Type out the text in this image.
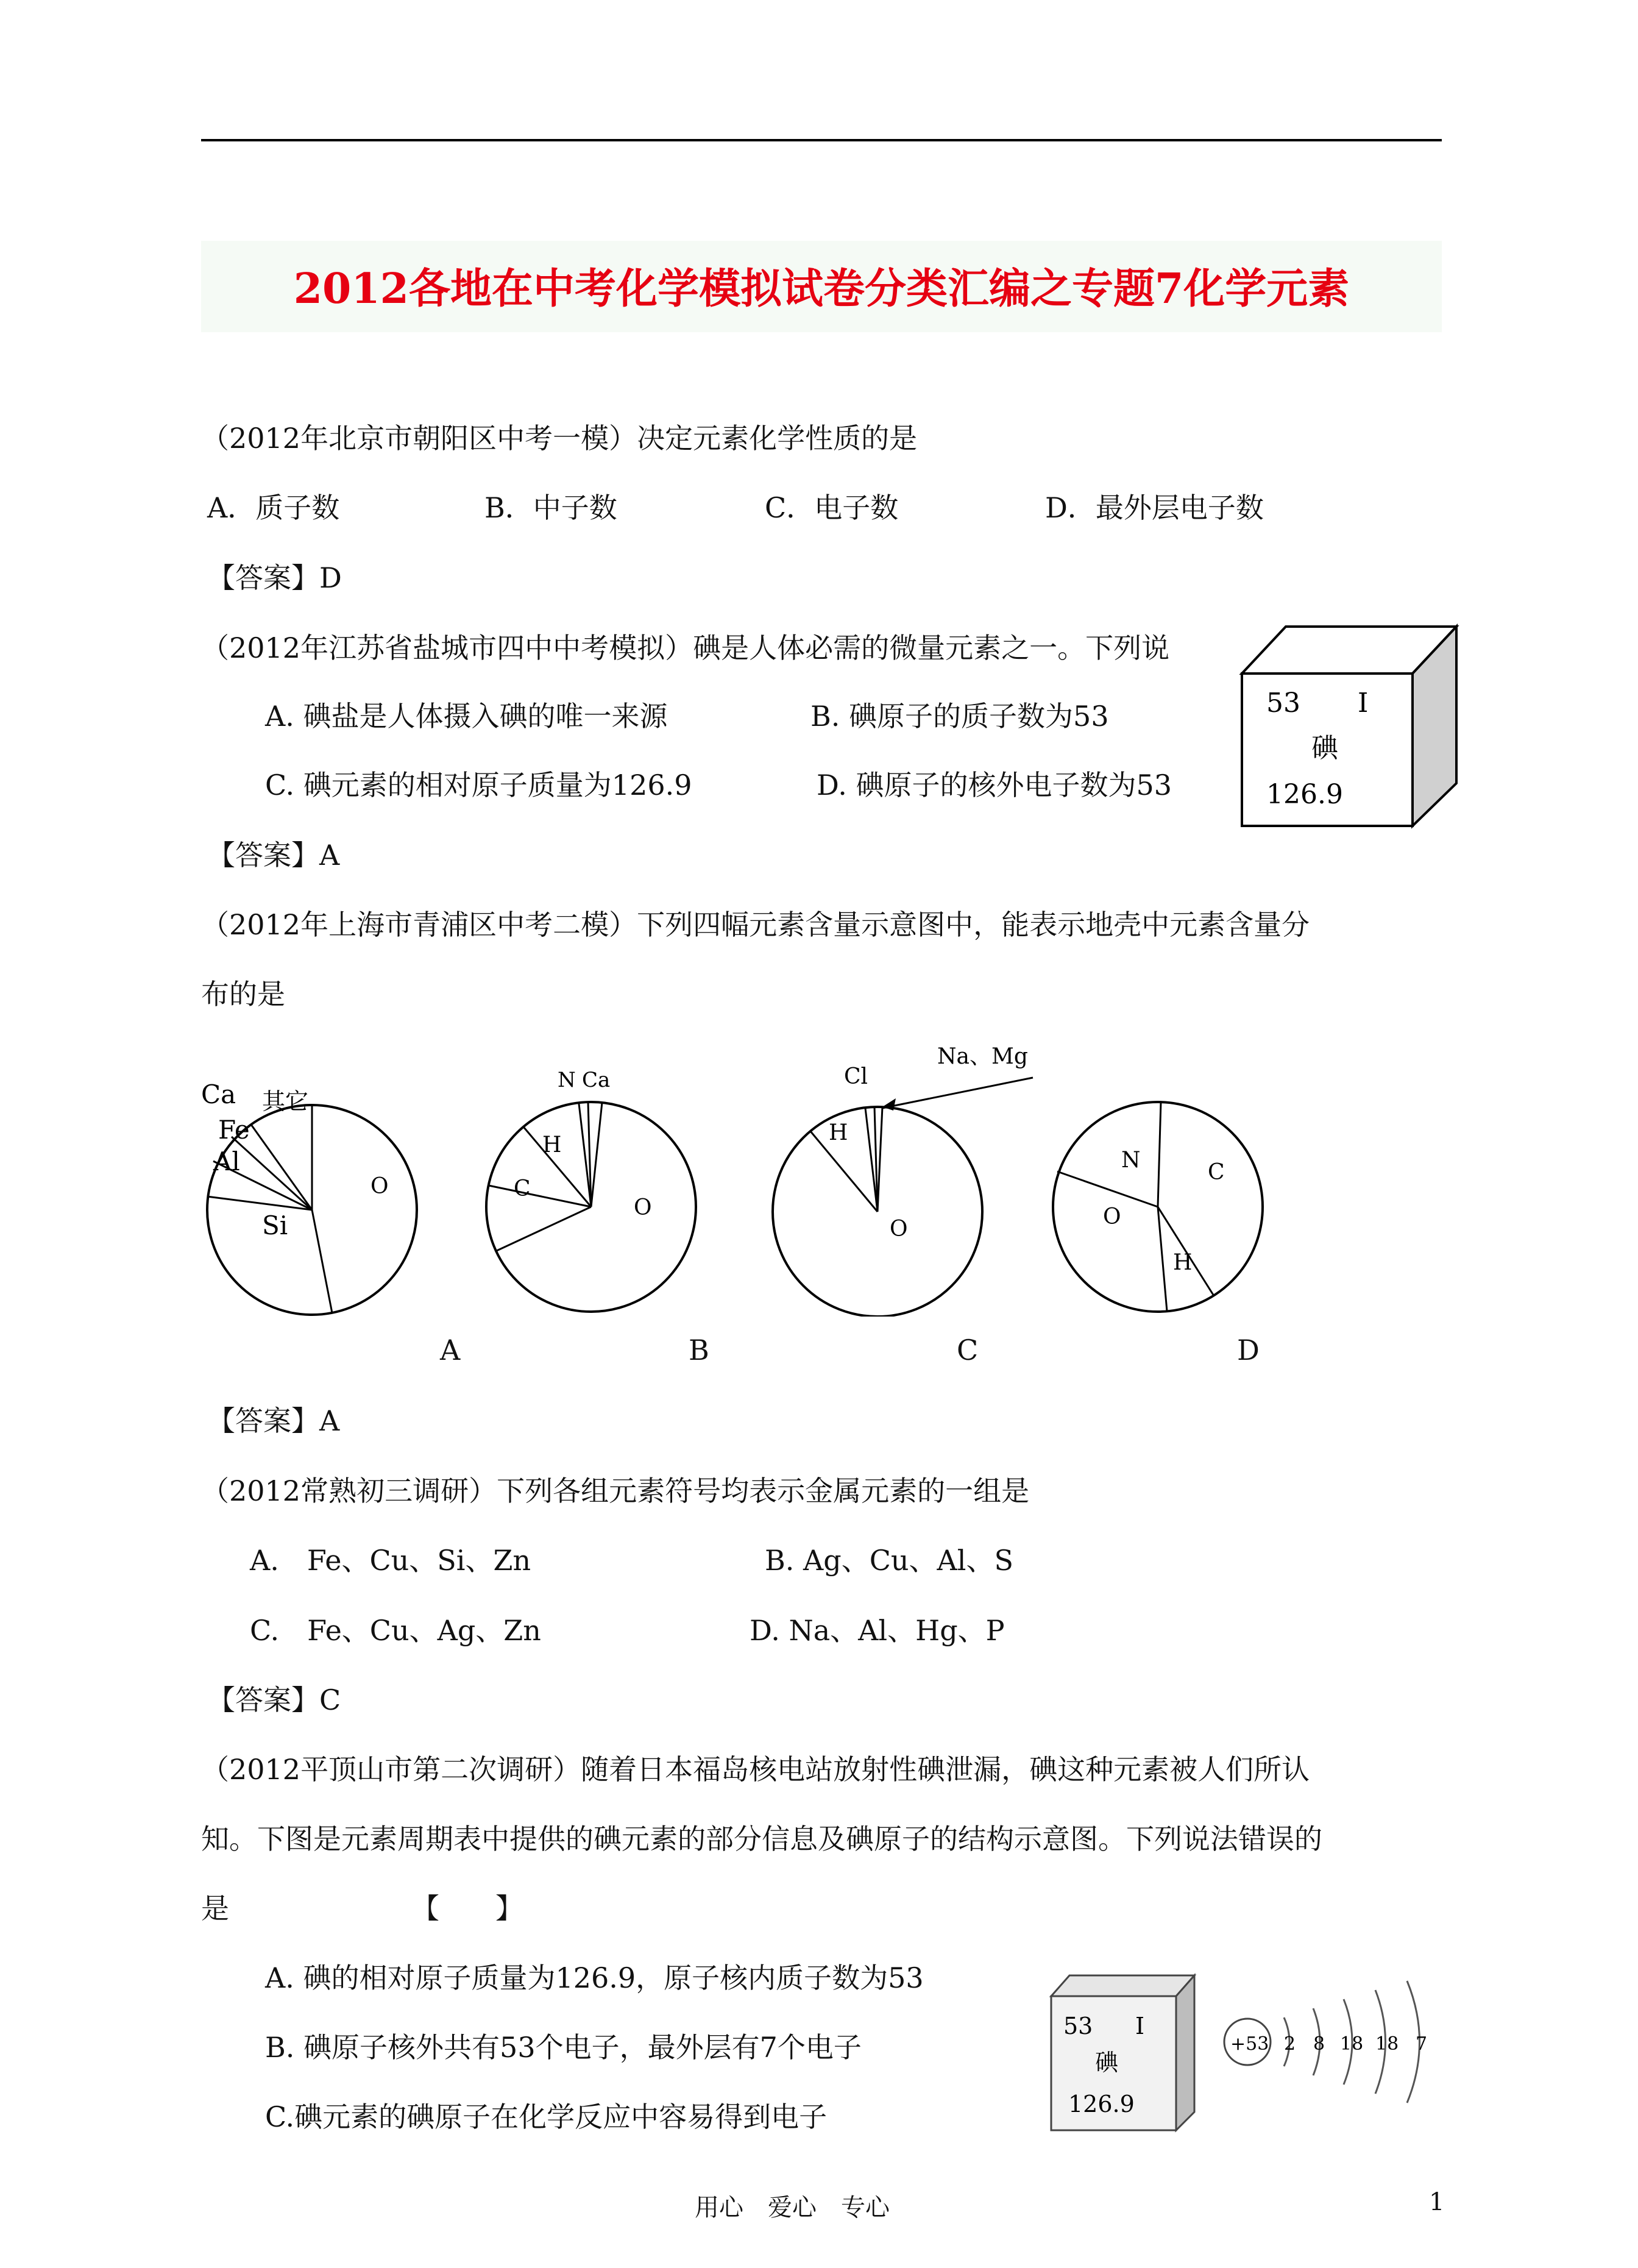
2012各地在中考化学模拟试卷分类汇编之专题7化学元素
（2012年北京市朝阳区中考一模）决定元素化学性质的是
A．质子数	B．中子数	C．电子数	D．最外层电子数
【答案】D
（2012年江苏省盐城市四中中考模拟）碘是人体必需的微量元素之一。下列说
A. 碘盐是人体摄入碘的唯一来源	B. 碘原子的质子数为53
C. 碘元素的相对原子质量为126.9	D. 碘原子的核外电子数为53
【答案】A
53 I
碘
126.9
（2012年上海市青浦区中考二模）下列四幅元素含量示意图中，能表示地壳中元素含量分
布的是
Ca 其它
Fe
Al
Si
O
N Ca
H
C
O
Cl
Na、Mg
H
O
N	C
O
H
A	B	C	D
【答案】A
（2012常熟初三调研）下列各组元素符号均表示金属元素的一组是
A.　Fe、Cu、Si、Zn	B. Ag、Cu、Al、S
C.　Fe、Cu、Ag、Zn	D. Na、Al、Hg、P
【答案】C
（2012平顶山市第二次调研）随着日本福岛核电站放射性碘泄漏，碘这种元素被人们所认
知。下图是元素周期表中提供的碘元素的部分信息及碘原子的结构示意图。下列说法错误的
是　　　　　　　【　　】
A. 碘的相对原子质量为126.9，原子核内质子数为53
B. 碘原子核外共有53个电子，最外层有7个电子
C.碘元素的碘原子在化学反应中容易得到电子
53 I
碘
126.9
+53 2 8 18 18 7
用心　爱心　专心	1
